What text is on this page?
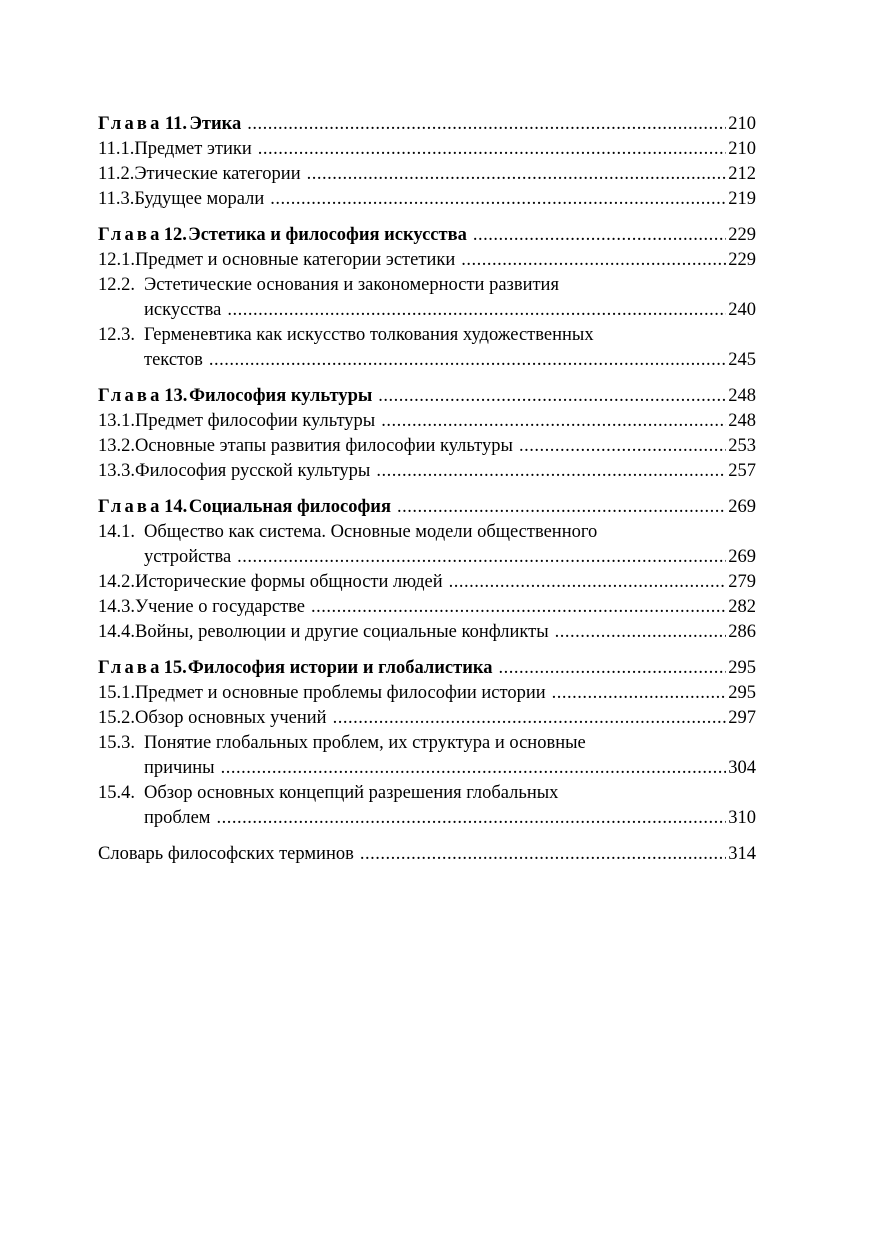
Глава 11. Этика .....	210
11.1. Предмет этики .....	210
11.2. Этические категории .....	212
11.3. Будущее морали .....	219
Глава 12. Эстетика и философия искусства .....	229
12.1. Предмет и основные категории эстетики .....	229
12.2. Эстетические основания и закономерности развития
искусства .....	240
12.3. Герменевтика как искусство толкования художественных
текстов .....	245
Глава 13. Философия культуры .....	248
13.1. Предмет философии культуры .....	248
13.2. Основные этапы развития философии культуры .....	253
13.3. Философия русской культуры .....	257
Глава 14. Социальная философия .....	269
14.1. Общество как система. Основные модели общественного
устройства .....	269
14.2. Исторические формы общности людей .....	279
14.3. Учение о государстве .....	282
14.4. Войны, революции и другие социальные конфликты .....	286
Глава 15. Философия истории и глобалистика .....	295
15.1. Предмет и основные проблемы философии истории .....	295
15.2. Обзор основных учений .....	297
15.3. Понятие глобальных проблем, их структура и основные
причины .....	304
15.4. Обзор основных концепций разрешения глобальных
проблем .....	310
Словарь философских терминов .....	314
